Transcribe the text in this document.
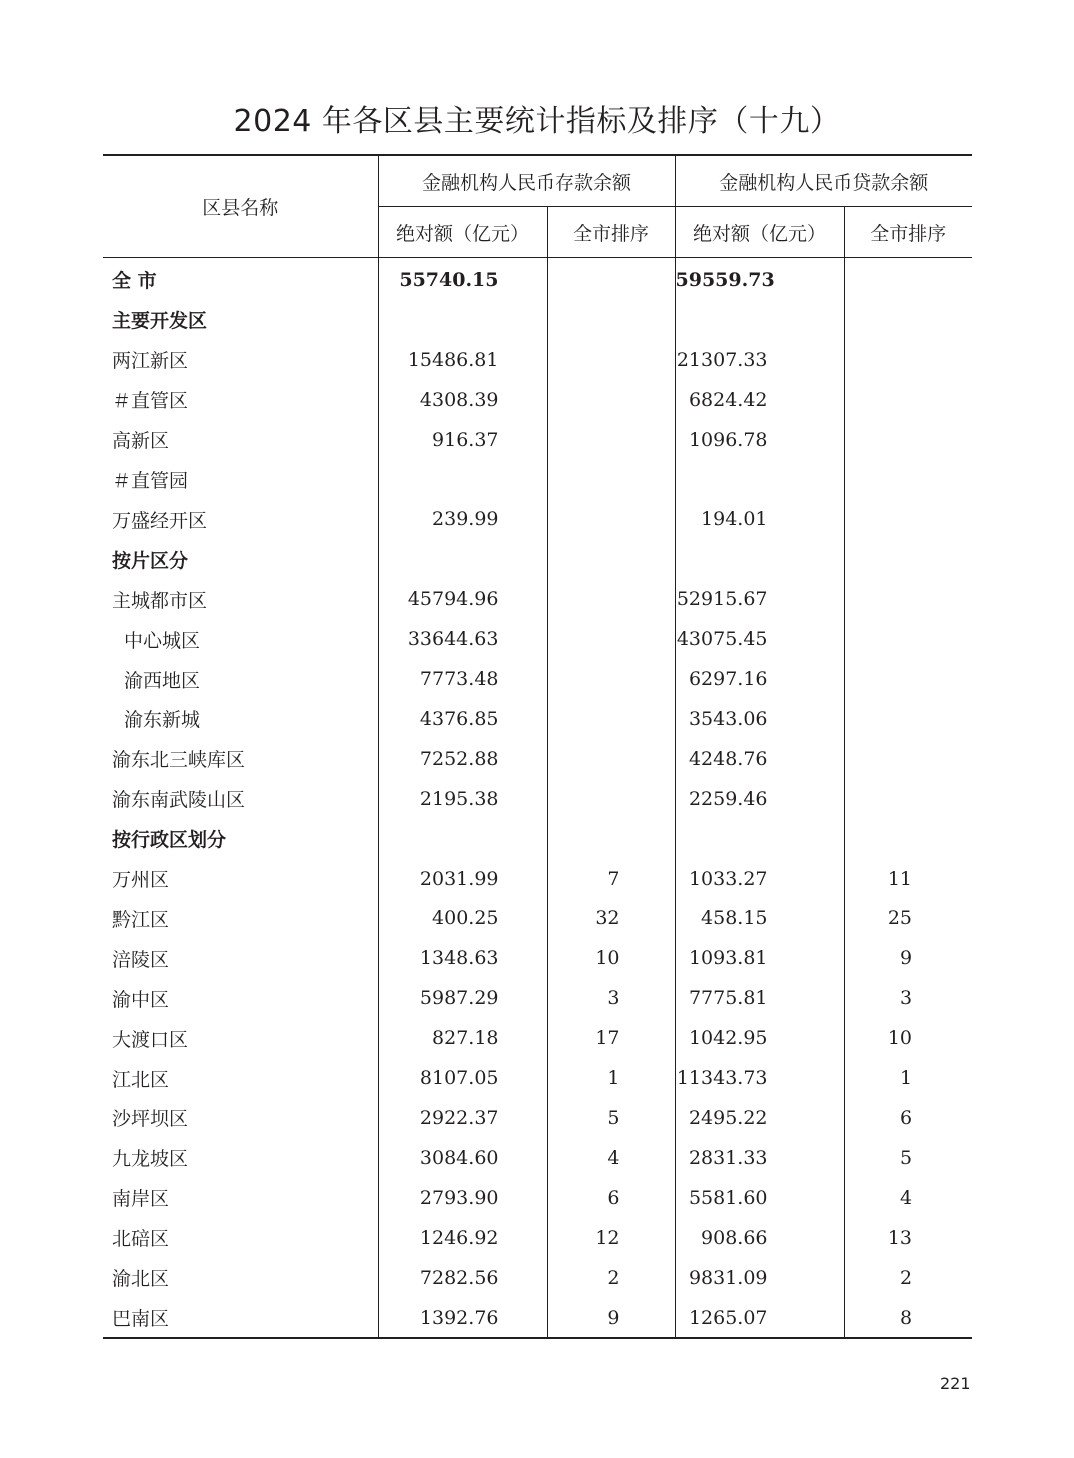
2024 年各区县主要统计指标及排序（十九）
区县名称	金融机构人民币存款余额		金融机构人民币贷款余额	
	绝对额（亿元）	全市排序	绝对额（亿元）	全市排序
全 市	55740.15		59559.73	
主要开发区				
两江新区	15486.81		21307.33	
＃直管区	4308.39		6824.42	
高新区	916.37		1096.78	
＃直管园				
万盛经开区	239.99		194.01	
按片区分				
主城都市区	45794.96		52915.67	
中心城区	33644.63		43075.45	
渝西地区	7773.48		6297.16	
渝东新城	4376.85		3543.06	
渝东北三峡库区	7252.88		4248.76	
渝东南武陵山区	2195.38		2259.46	
按行政区划分				
万州区	2031.99	7	1033.27	11
黔江区	400.25	32	458.15	25
涪陵区	1348.63	10	1093.81	9
渝中区	5987.29	3	7775.81	3
大渡口区	827.18	17	1042.95	10
江北区	8107.05	1	11343.73	1
沙坪坝区	2922.37	5	2495.22	6
九龙坡区	3084.60	4	2831.33	5
南岸区	2793.90	6	5581.60	4
北碚区	1246.92	12	908.66	13
渝北区	7282.56	2	9831.09	2
巴南区	1392.76	9	1265.07	8
221
